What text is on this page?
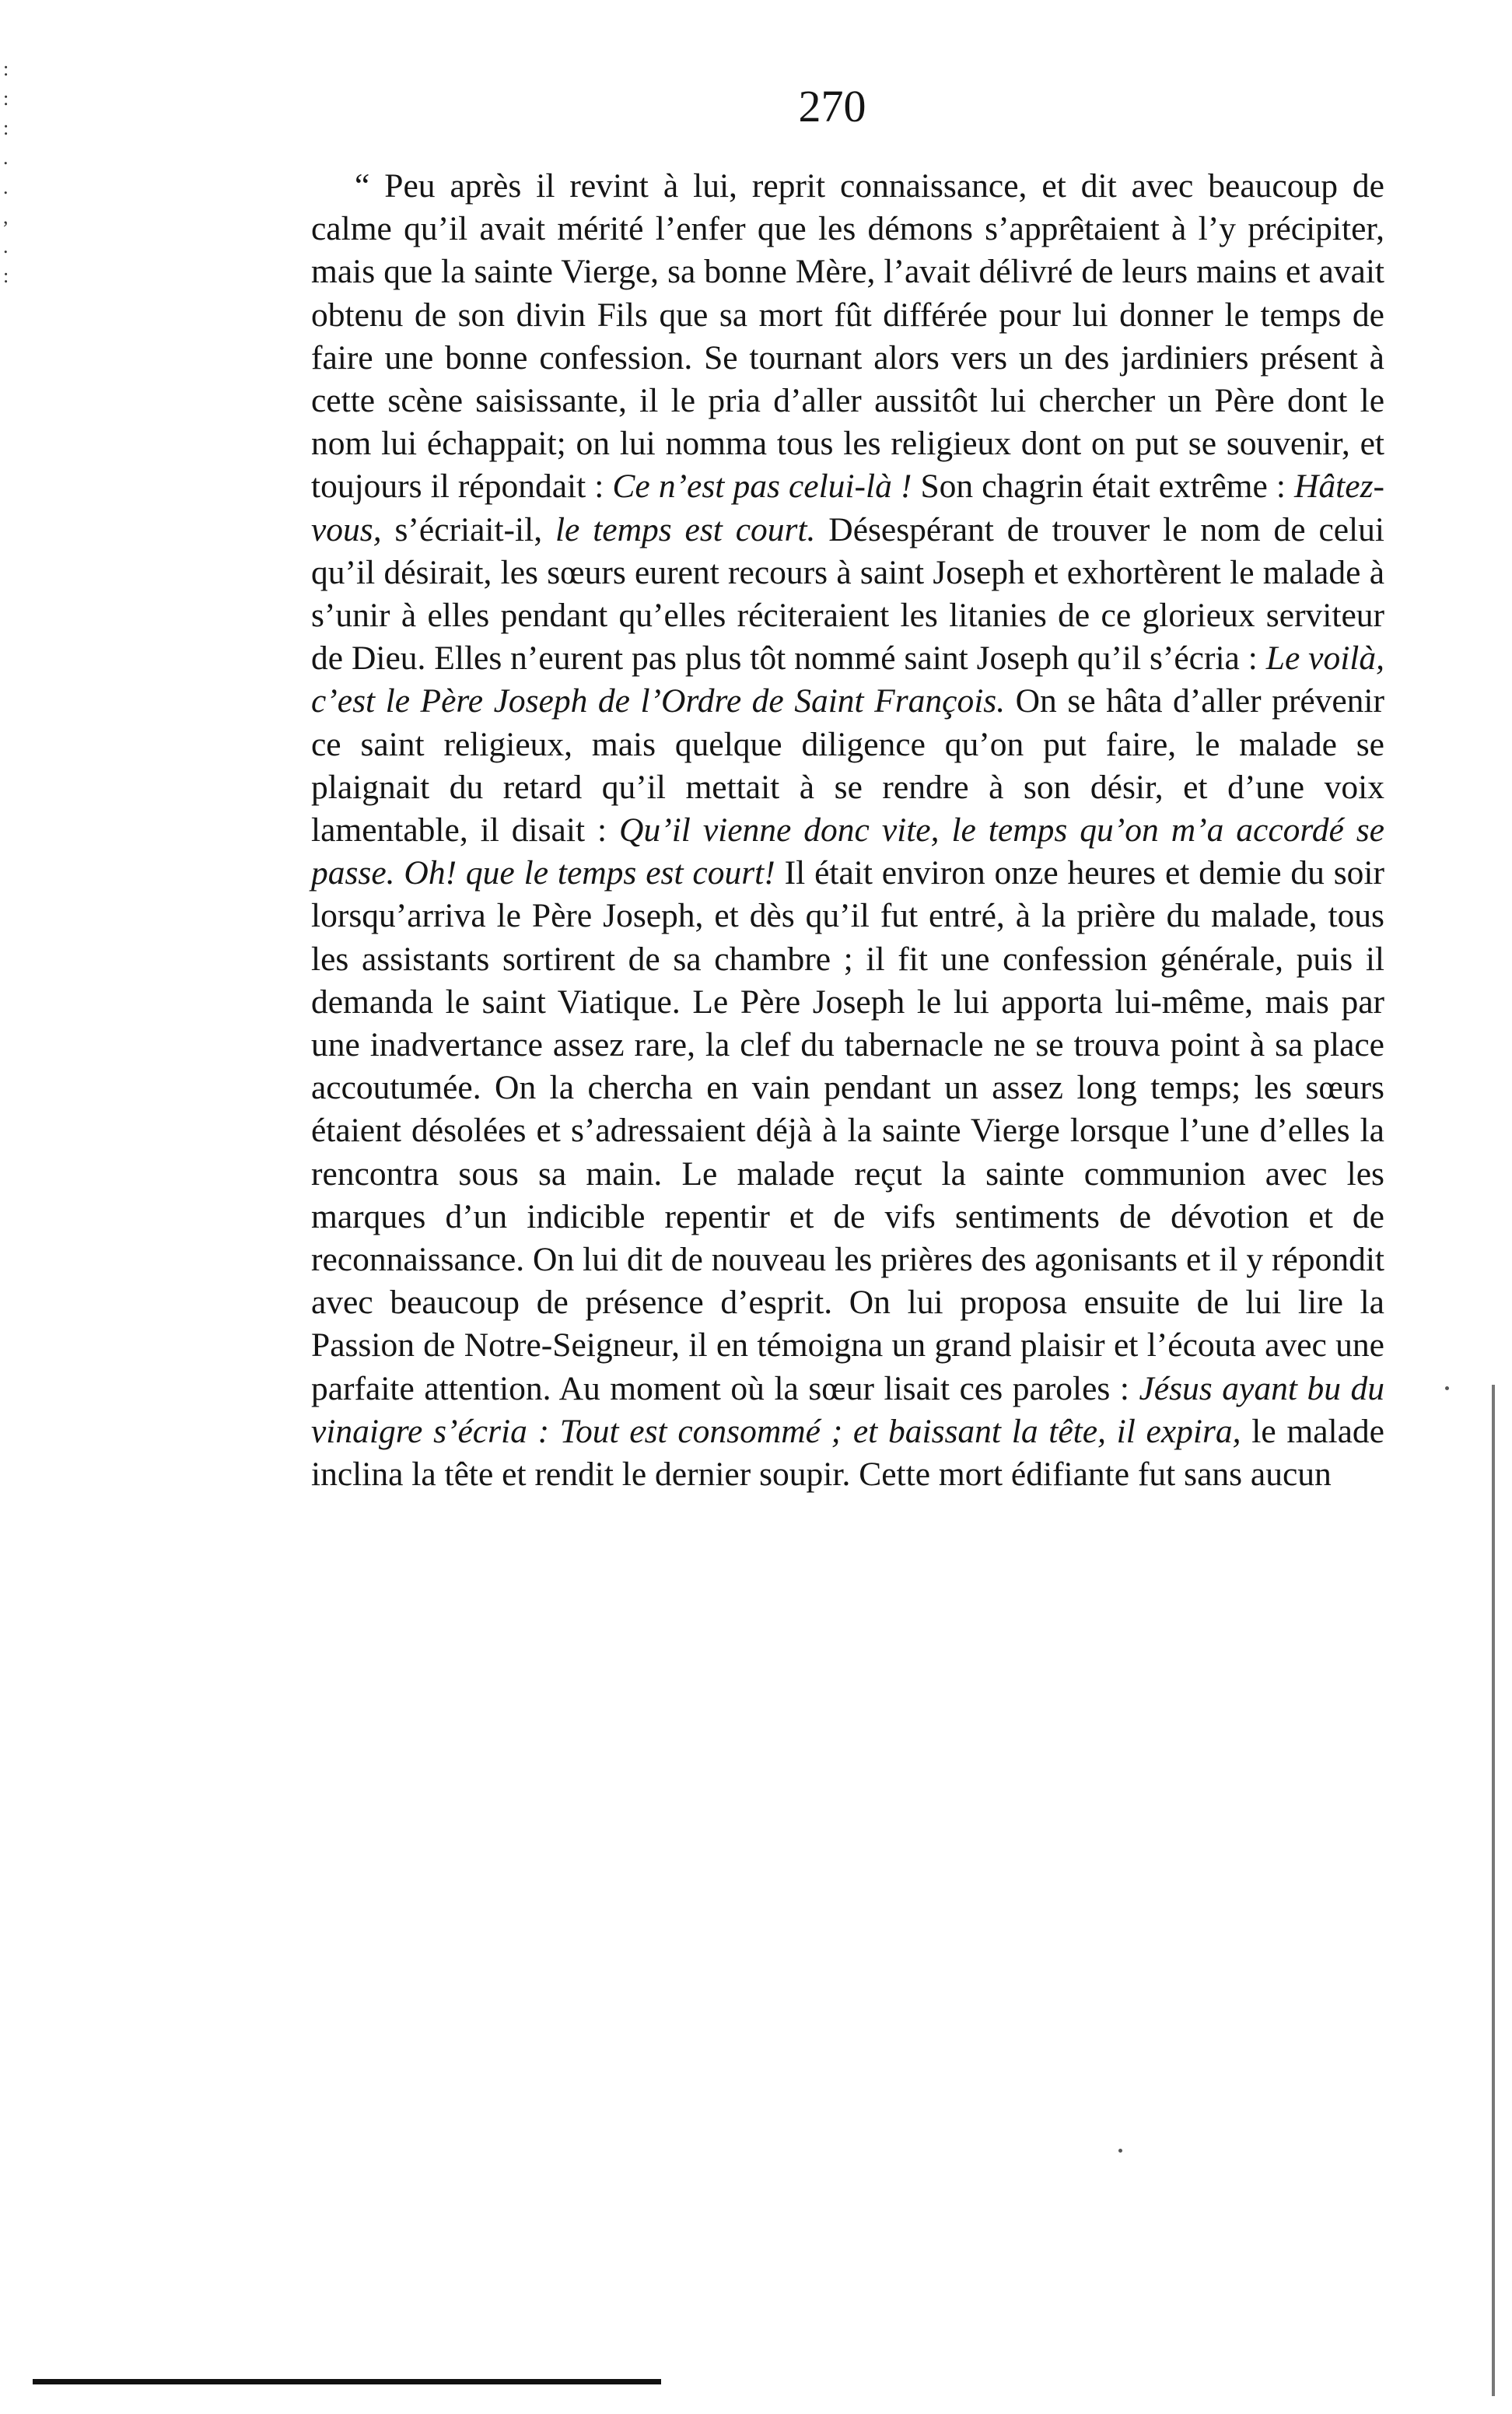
:
:
:
.
.
,
.
:
270

“ Peu après il revint à lui, reprit connaissance, et dit avec beaucoup de calme qu’il avait mérité l’enfer que les démons s’apprêtaient à l’y précipiter, mais que la sainte Vierge, sa bonne Mère, l’avait délivré de leurs mains et avait obtenu de son divin Fils que sa mort fût différée pour lui donner le temps de faire une bonne confession. Se tournant alors vers un des jardiniers présent à cette scène saisissante, il le pria d’aller aussitôt lui chercher un Père dont le nom lui échappait; on lui nomma tous les religieux dont on put se souvenir, et toujours il répondait : Ce n’est pas celui-là ! Son chagrin était extrême : Hâtez-vous, s’écriait-il, le temps est court. Désespérant de trouver le nom de celui qu’il désirait, les sœurs eurent recours à saint Joseph et exhortèrent le malade à s’unir à elles pendant qu’elles réciteraient les litanies de ce glorieux serviteur de Dieu. Elles n’eurent pas plus tôt nommé saint Joseph qu’il s’écria : Le voilà, c’est le Père Joseph de l’Ordre de Saint François. On se hâta d’aller prévenir ce saint religieux, mais quelque diligence qu’on put faire, le malade se plaignait du retard qu’il mettait à se rendre à son désir, et d’une voix lamentable, il disait : Qu’il vienne donc vite, le temps qu’on m’a accordé se passe. Oh! que le temps est court! Il était environ onze heures et demie du soir lorsqu’arriva le Père Joseph, et dès qu’il fut entré, à la prière du malade, tous les assistants sortirent de sa chambre ; il fit une confession générale, puis il demanda le saint Viatique. Le Père Joseph le lui apporta lui-même, mais par une inadvertance assez rare, la clef du tabernacle ne se trouva point à sa place accoutumée. On la chercha en vain pendant un assez long temps; les sœurs étaient désolées et s’adressaient déjà à la sainte Vierge lorsque l’une d’elles la rencontra sous sa main. Le malade reçut la sainte communion avec les marques d’un indicible repentir et de vifs sentiments de dévotion et de reconnaissance. On lui dit de nouveau les prières des agonisants et il y répondit avec beaucoup de présence d’esprit. On lui proposa ensuite de lui lire la Passion de Notre-Seigneur, il en témoigna un grand plaisir et l’écouta avec une parfaite attention. Au moment où la sœur lisait ces paroles : Jésus ayant bu du vinaigre s’écria : Tout est consommé ; et baissant la tête, il expira, le malade inclina la tête et rendit le dernier soupir. Cette mort édifiante fut sans aucun
